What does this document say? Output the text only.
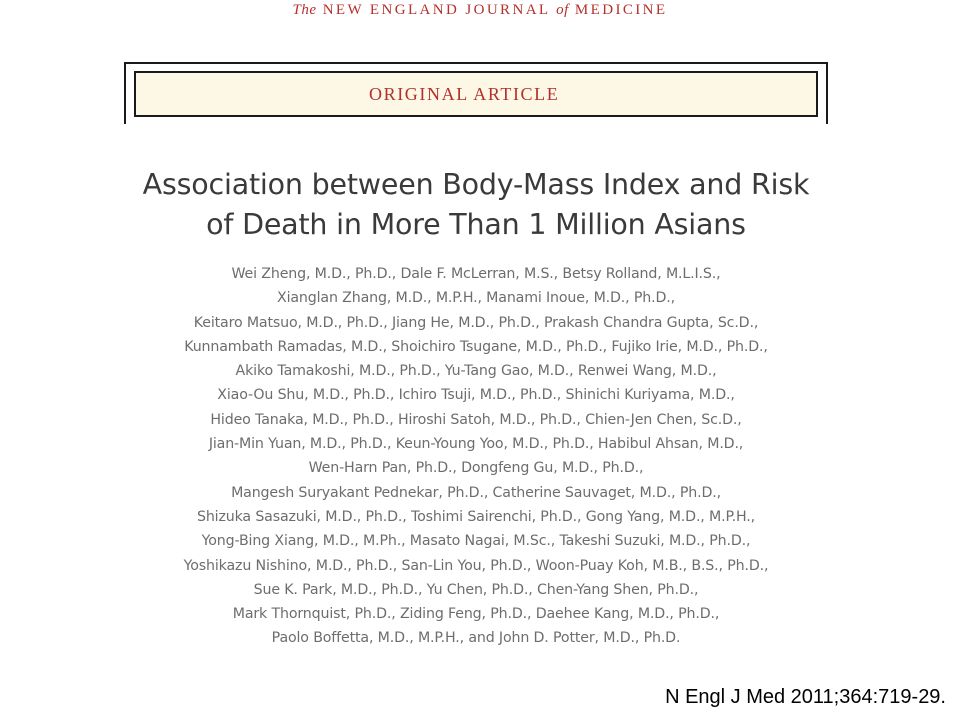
The NEW ENGLAND JOURNAL of MEDICINE
ORIGINAL ARTICLE
Association between Body-Mass Index and Risk
of Death in More Than 1 Million Asians
Wei Zheng, M.D., Ph.D., Dale F. McLerran, M.S., Betsy Rolland, M.L.I.S.,
Xianglan Zhang, M.D., M.P.H., Manami Inoue, M.D., Ph.D.,
Keitaro Matsuo, M.D., Ph.D., Jiang He, M.D., Ph.D., Prakash Chandra Gupta, Sc.D.,
Kunnambath Ramadas, M.D., Shoichiro Tsugane, M.D., Ph.D., Fujiko Irie, M.D., Ph.D.,
Akiko Tamakoshi, M.D., Ph.D., Yu-Tang Gao, M.D., Renwei Wang, M.D.,
Xiao-Ou Shu, M.D., Ph.D., Ichiro Tsuji, M.D., Ph.D., Shinichi Kuriyama, M.D.,
Hideo Tanaka, M.D., Ph.D., Hiroshi Satoh, M.D., Ph.D., Chien-Jen Chen, Sc.D.,
Jian-Min Yuan, M.D., Ph.D., Keun-Young Yoo, M.D., Ph.D., Habibul Ahsan, M.D.,
Wen-Harn Pan, Ph.D., Dongfeng Gu, M.D., Ph.D.,
Mangesh Suryakant Pednekar, Ph.D., Catherine Sauvaget, M.D., Ph.D.,
Shizuka Sasazuki, M.D., Ph.D., Toshimi Sairenchi, Ph.D., Gong Yang, M.D., M.P.H.,
Yong-Bing Xiang, M.D., M.Ph., Masato Nagai, M.Sc., Takeshi Suzuki, M.D., Ph.D.,
Yoshikazu Nishino, M.D., Ph.D., San-Lin You, Ph.D., Woon-Puay Koh, M.B., B.S., Ph.D.,
Sue K. Park, M.D., Ph.D., Yu Chen, Ph.D., Chen-Yang Shen, Ph.D.,
Mark Thornquist, Ph.D., Ziding Feng, Ph.D., Daehee Kang, M.D., Ph.D.,
Paolo Boffetta, M.D., M.P.H., and John D. Potter, M.D., Ph.D.
N Engl J Med 2011;364:719-29.
